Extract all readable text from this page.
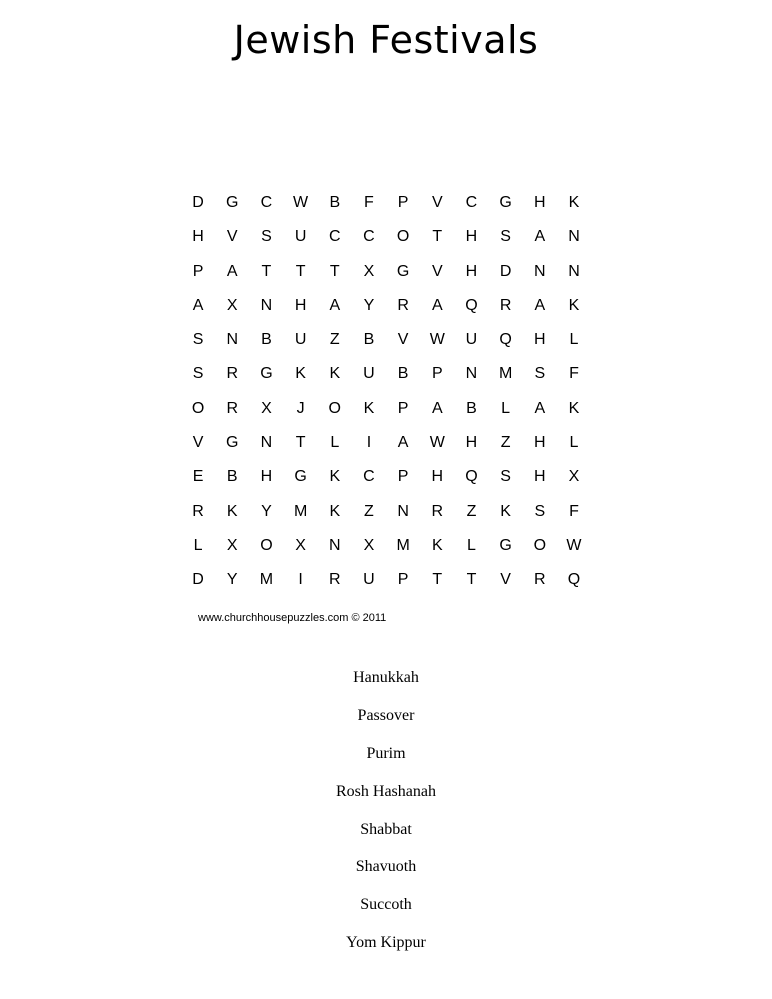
Jewish Festivals
D	G	C	W	B	F	P	V	C	G	H	K
H	V	S	U	C	C	O	T	H	S	A	N
P	A	T	T	T	X	G	V	H	D	N	N
A	X	N	H	A	Y	R	A	Q	R	A	K
S	N	B	U	Z	B	V	W	U	Q	H	L
S	R	G	K	K	U	B	P	N	M	S	F
O	R	X	J	O	K	P	A	B	L	A	K
V	G	N	T	L	I	A	W	H	Z	H	L
E	B	H	G	K	C	P	H	Q	S	H	X
R	K	Y	M	K	Z	N	R	Z	K	S	F
L	X	O	X	N	X	M	K	L	G	O	W
D	Y	M	I	R	U	P	T	T	V	R	Q

www.churchhousepuzzles.com © 2011

Hanukkah
Passover
Purim
Rosh Hashanah
Shabbat
Shavuoth
Succoth
Yom Kippur
